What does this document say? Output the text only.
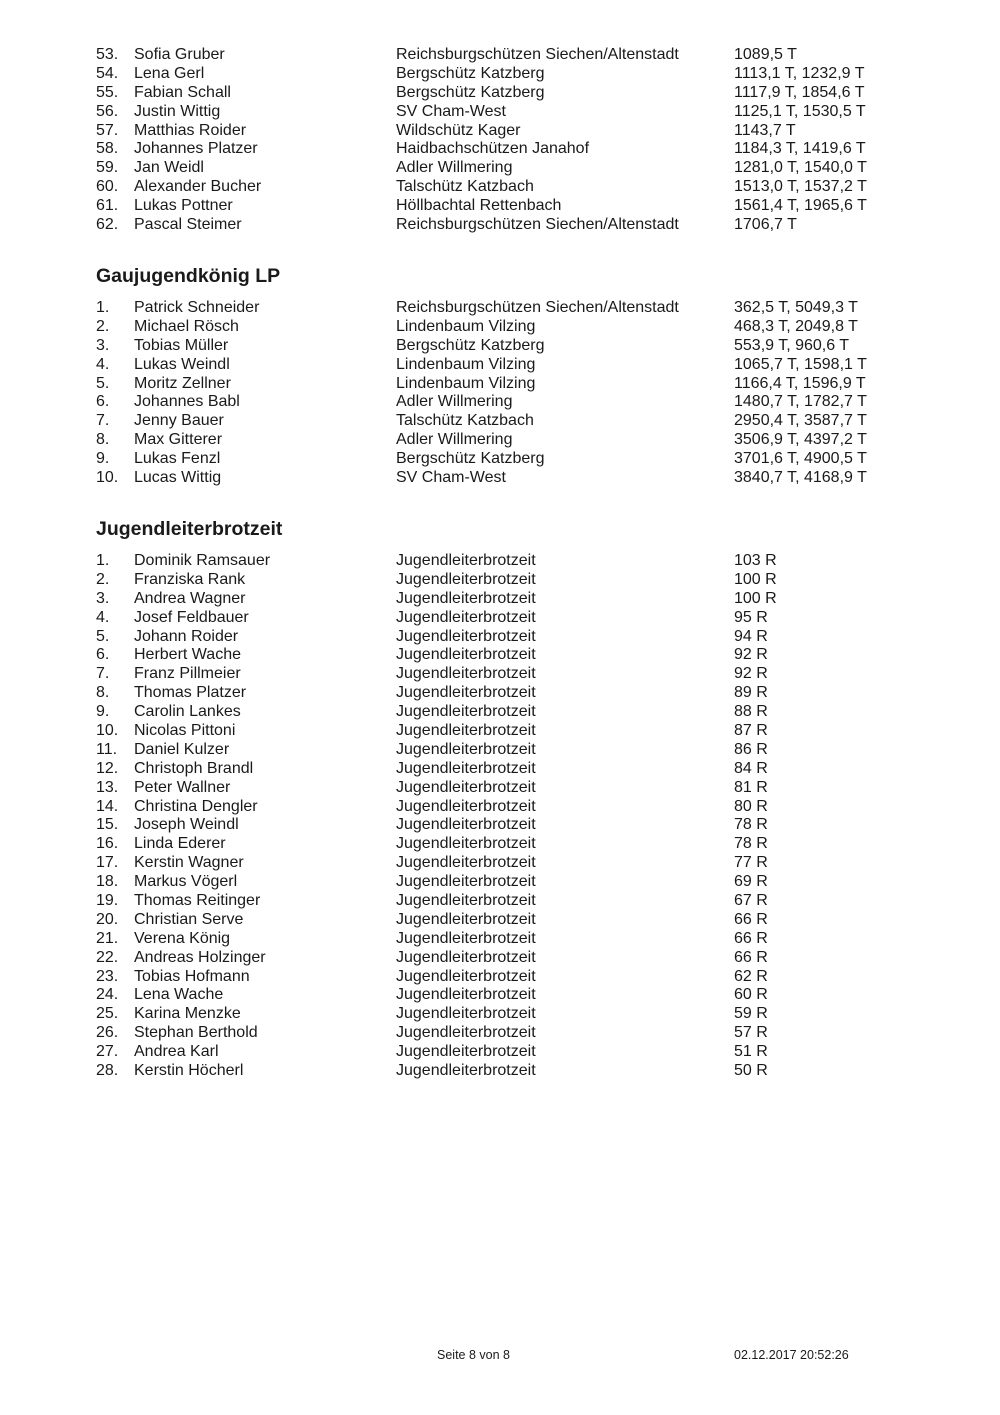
53. Sofia Gruber	Reichsburgschützen Siechen/Altenstadt	1089,5 T
54. Lena Gerl	Bergschütz Katzberg	1113,1 T, 1232,9 T
55. Fabian Schall	Bergschütz Katzberg	1117,9 T, 1854,6 T
56. Justin Wittig	SV Cham-West	1125,1 T, 1530,5 T
57. Matthias Roider	Wildschütz Kager	1143,7 T
58. Johannes Platzer	Haidbachschützen Janahof	1184,3 T, 1419,6 T
59. Jan Weidl	Adler Willmering	1281,0 T, 1540,0 T
60. Alexander Bucher	Talschütz Katzbach	1513,0 T, 1537,2 T
61. Lukas Pottner	Höllbachtal Rettenbach	1561,4 T, 1965,6 T
62. Pascal Steimer	Reichsburgschützen Siechen/Altenstadt	1706,7 T
Gaujugendkönig LP
1. Patrick Schneider	Reichsburgschützen Siechen/Altenstadt	362,5 T, 5049,3 T
2. Michael Rösch	Lindenbaum Vilzing	468,3 T, 2049,8 T
3. Tobias Müller	Bergschütz Katzberg	553,9 T, 960,6 T
4. Lukas Weindl	Lindenbaum Vilzing	1065,7 T, 1598,1 T
5. Moritz Zellner	Lindenbaum Vilzing	1166,4 T, 1596,9 T
6. Johannes Babl	Adler Willmering	1480,7 T, 1782,7 T
7. Jenny Bauer	Talschütz Katzbach	2950,4 T, 3587,7 T
8. Max Gitterer	Adler Willmering	3506,9 T, 4397,2 T
9. Lukas Fenzl	Bergschütz Katzberg	3701,6 T, 4900,5 T
10. Lucas Wittig	SV Cham-West	3840,7 T, 4168,9 T
Jugendleiterbrotzeit
1. Dominik Ramsauer	Jugendleiterbrotzeit	103 R
2. Franziska Rank	Jugendleiterbrotzeit	100 R
3. Andrea Wagner	Jugendleiterbrotzeit	100 R
4. Josef Feldbauer	Jugendleiterbrotzeit	95 R
5. Johann Roider	Jugendleiterbrotzeit	94 R
6. Herbert Wache	Jugendleiterbrotzeit	92 R
7. Franz Pillmeier	Jugendleiterbrotzeit	92 R
8. Thomas Platzer	Jugendleiterbrotzeit	89 R
9. Carolin Lankes	Jugendleiterbrotzeit	88 R
10. Nicolas Pittoni	Jugendleiterbrotzeit	87 R
11. Daniel Kulzer	Jugendleiterbrotzeit	86 R
12. Christoph Brandl	Jugendleiterbrotzeit	84 R
13. Peter Wallner	Jugendleiterbrotzeit	81 R
14. Christina Dengler	Jugendleiterbrotzeit	80 R
15. Joseph Weindl	Jugendleiterbrotzeit	78 R
16. Linda Ederer	Jugendleiterbrotzeit	78 R
17. Kerstin Wagner	Jugendleiterbrotzeit	77 R
18. Markus Vögerl	Jugendleiterbrotzeit	69 R
19. Thomas Reitinger	Jugendleiterbrotzeit	67 R
20. Christian Serve	Jugendleiterbrotzeit	66 R
21. Verena König	Jugendleiterbrotzeit	66 R
22. Andreas Holzinger	Jugendleiterbrotzeit	66 R
23. Tobias Hofmann	Jugendleiterbrotzeit	62 R
24. Lena Wache	Jugendleiterbrotzeit	60 R
25. Karina Menzke	Jugendleiterbrotzeit	59 R
26. Stephan Berthold	Jugendleiterbrotzeit	57 R
27. Andrea Karl	Jugendleiterbrotzeit	51 R
28. Kerstin Höcherl	Jugendleiterbrotzeit	50 R
Seite 8 von 8	02.12.2017 20:52:26
